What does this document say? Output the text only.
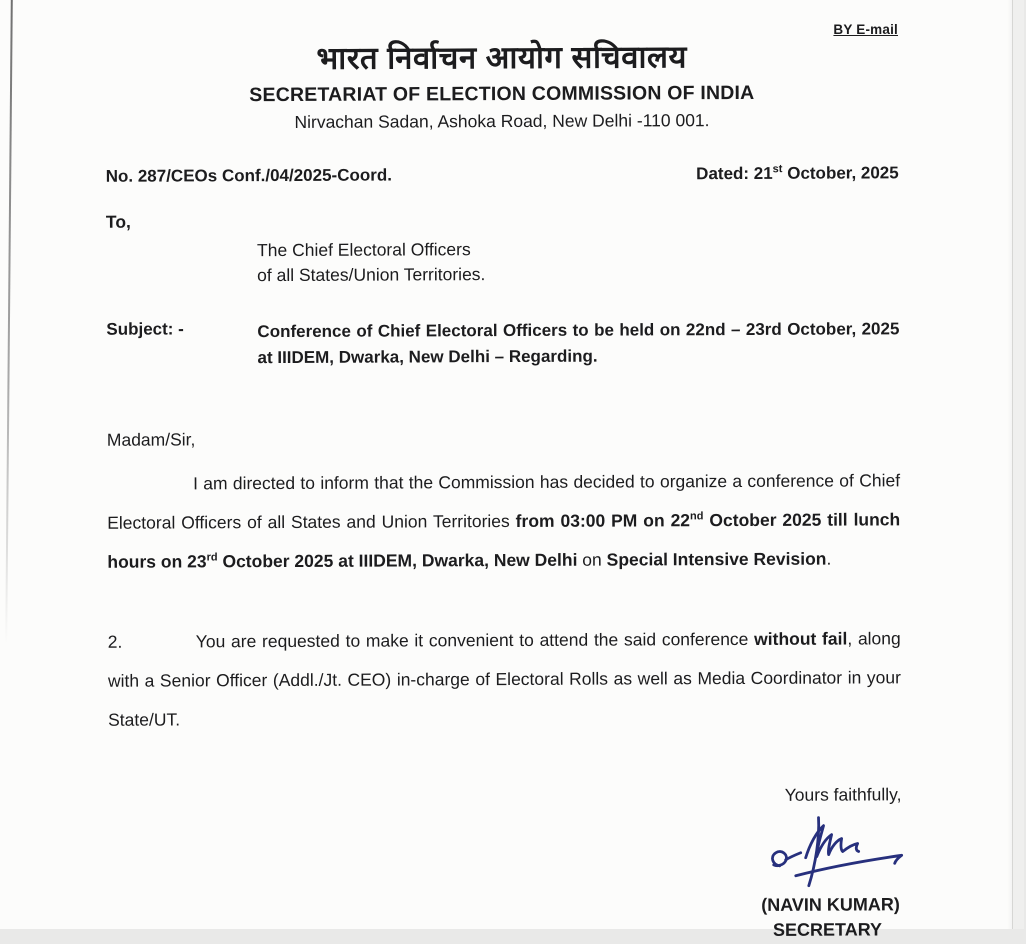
BY E-mail
भारत निर्वाचन आयोग सचिवालय
SECRETARIAT OF ELECTION COMMISSION OF INDIA
Nirvachan Sadan, Ashoka Road, New Delhi -110 001.
No. 287/CEOs Conf./04/2025-Coord.	Dated: 21st October, 2025
To,
The Chief Electoral Officers
of all States/Union Territories.
Subject: -	Conference of Chief Electoral Officers to be held on 22nd – 23rd October, 2025 at IIIDEM, Dwarka, New Delhi – Regarding.
Madam/Sir,

I am directed to inform that the Commission has decided to organize a conference of Chief Electoral Officers of all States and Union Territories from 03:00 PM on 22nd October 2025 till lunch hours on 23rd October 2025 at IIIDEM, Dwarka, New Delhi on Special Intensive Revision.

2.	You are requested to make it convenient to attend the said conference without fail, along with a Senior Officer (Addl./Jt. CEO) in-charge of Electoral Rolls as well as Media Coordinator in your State/UT.

Yours faithfully,
(NAVIN KUMAR)
SECRETARY
